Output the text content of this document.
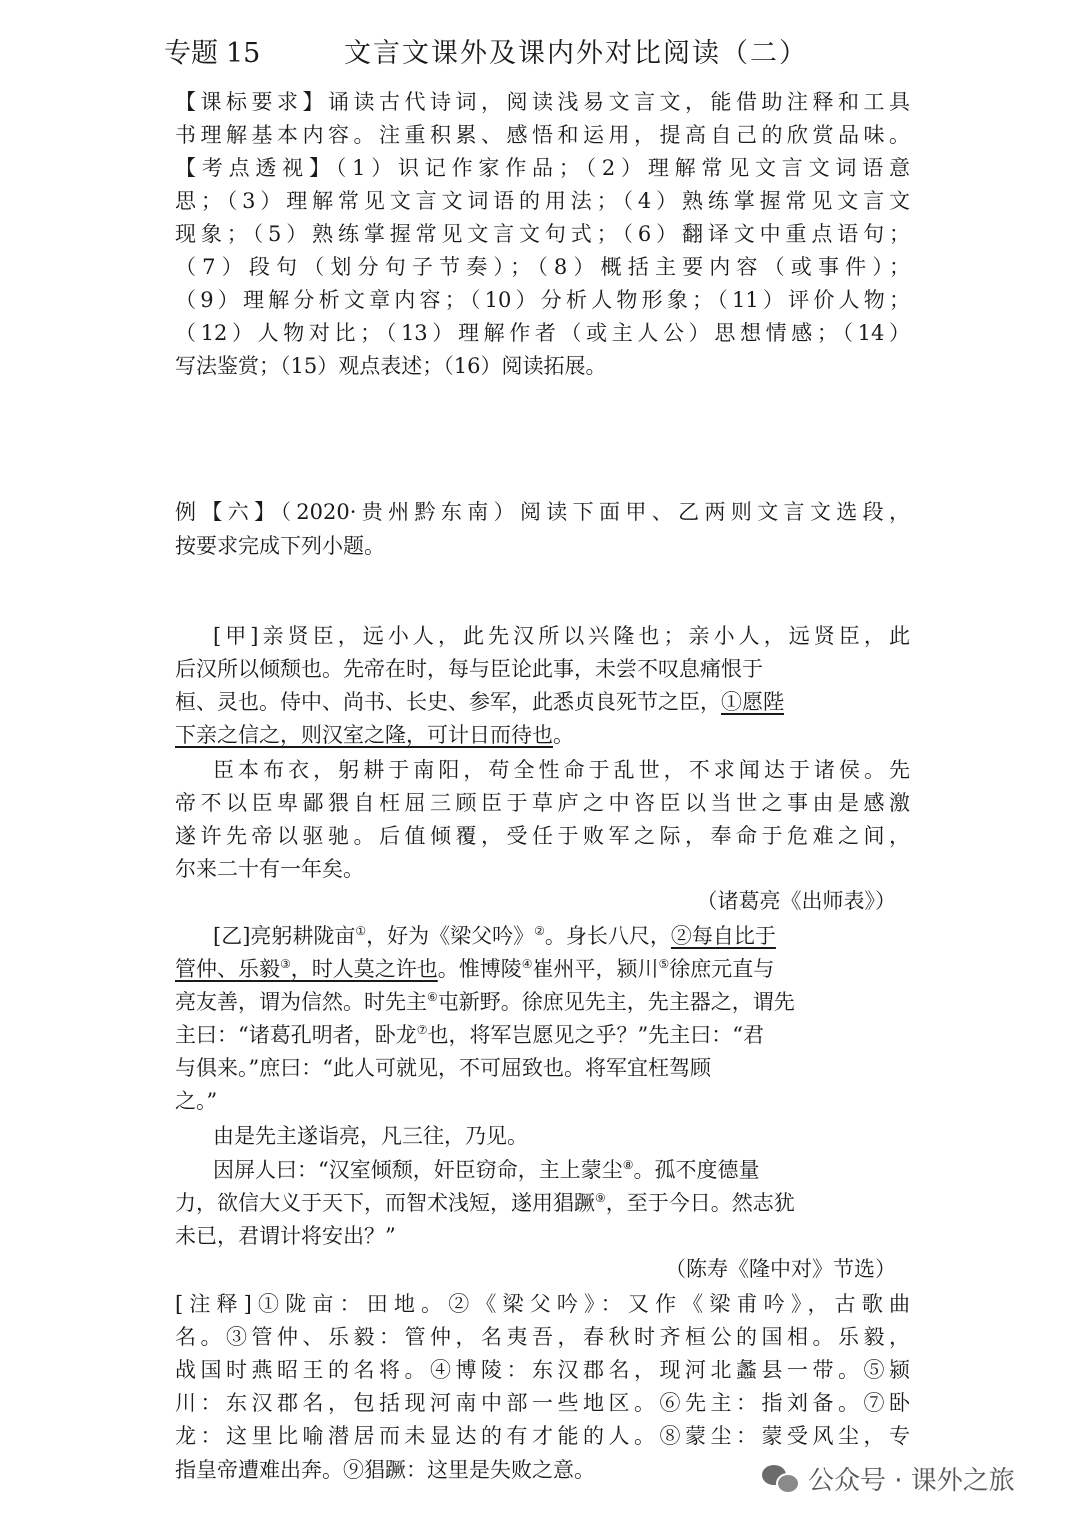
专题 15	文言文课外及课内外对比阅读（二）
【课标要求】诵读古代诗词，阅读浅易文言文，能借助注释和工具
书理解基本内容。注重积累、感悟和运用，提高自己的欣赏品味。
【考点透视】（1）识记作家作品；（2）理解常见文言文词语意
思；（3）理解常见文言文词语的用法；（4）熟练掌握常见文言文
现象；（5）熟练掌握常见文言文句式；（6）翻译文中重点语句；
（7）段句（划分句子节奏）；（8）概括主要内容（或事件）；
（9）理解分析文章内容；（10）分析人物形象；（11）评价人物；
（12）人物对比；（13）理解作者（或主人公）思想情感；（14）
写法鉴赏；（15）观点表述；（16）阅读拓展。
例【六】（2020·贵州黔东南）阅读下面甲、乙两则文言文选段，
按要求完成下列小题。
[甲]亲贤臣，远小人，此先汉所以兴隆也；亲小人，远贤臣，此
后汉所以倾颓也。先帝在时，每与臣论此事，未尝不叹息痛恨于
桓、灵也。侍中、尚书、长史、参军，此悉贞良死节之臣，①愿陛
下亲之信之，则汉室之隆，可计日而待也。
臣本布衣，躬耕于南阳，苟全性命于乱世，不求闻达于诸侯。先
帝不以臣卑鄙猥自枉屈三顾臣于草庐之中咨臣以当世之事由是感激
遂许先帝以驱驰。后值倾覆，受任于败军之际，奉命于危难之间，
尔来二十有一年矣。
（诸葛亮《出师表》）
[乙]亮躬耕陇亩①，好为《梁父吟》②。身长八尺，②每自比于
管仲、乐毅③，时人莫之许也。惟博陵④崔州平，颍川⑤徐庶元直与
亮友善，谓为信然。时先主⑥屯新野。徐庶见先主，先主器之，谓先
主曰：“诸葛孔明者，卧龙⑦也，将军岂愿见之乎？”先主曰：“君
与俱来。”庶曰：“此人可就见，不可屈致也。将军宜枉驾顾
之。”
由是先主遂诣亮，凡三往，乃见。
因屏人曰：“汉室倾颓，奸臣窃命，主上蒙尘⑧。孤不度德量
力，欲信大义于天下，而智术浅短，遂用猖蹶⑨，至于今日。然志犹
未已，君谓计将安出？”
（陈寿《隆中对》节选）
[注释]①陇亩：田地。②《梁父吟》：又作《梁甫吟》，古歌曲
名。③管仲、乐毅：管仲，名夷吾，春秋时齐桓公的国相。乐毅，
战国时燕昭王的名将。④博陵：东汉郡名，现河北蠡县一带。⑤颍
川：东汉郡名，包括现河南中部一些地区。⑥先主：指刘备。⑦卧
龙：这里比喻潜居而未显达的有才能的人。⑧蒙尘：蒙受风尘，专
指皇帝遭难出奔。⑨猖蹶：这里是失败之意。	公众号 · 课外之旅
